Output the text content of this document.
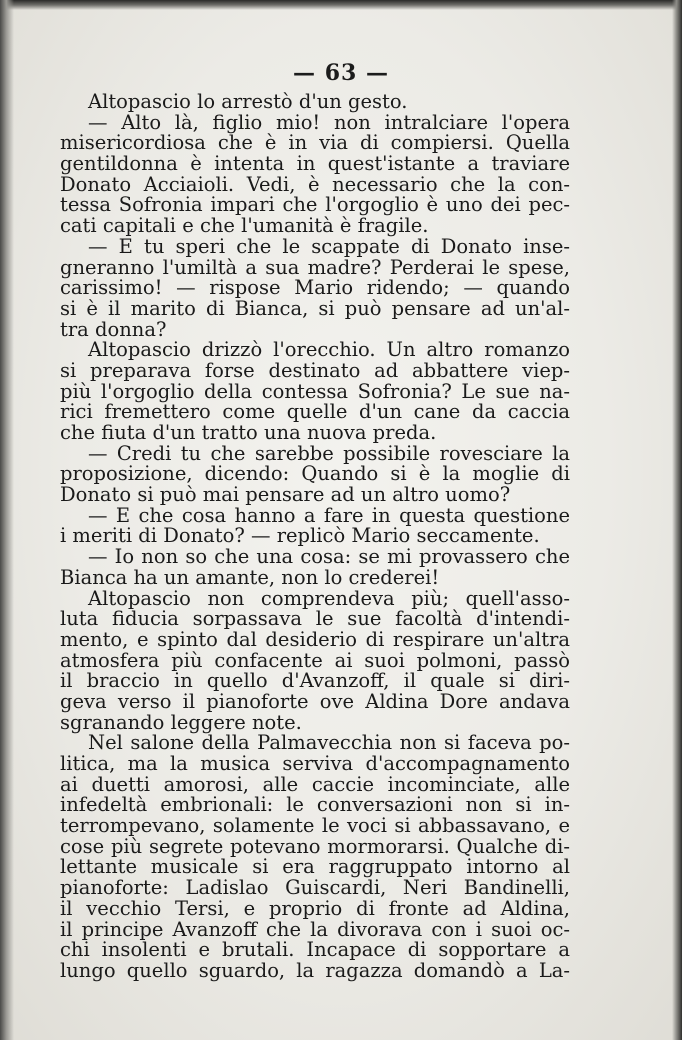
— 63 —
Altopascio lo arrestò d'un gesto.
— Alto là, figlio mio! non intralciare l'opera
misericordiosa che è in via di compiersi. Quella
gentildonna è intenta in quest'istante a traviare
Donato Acciaioli. Vedi, è necessario che la con-
tessa Sofronia impari che l'orgoglio è uno dei pec-
cati capitali e che l'umanità è fragile.
— E tu speri che le scappate di Donato inse-
gneranno l'umiltà a sua madre? Perderai le spese,
carissimo! — rispose Mario ridendo; — quando
si è il marito di Bianca, si può pensare ad un'al-
tra donna?
Altopascio drizzò l'orecchio. Un altro romanzo
si preparava forse destinato ad abbattere viep-
più l'orgoglio della contessa Sofronia? Le sue na-
rici fremettero come quelle d'un cane da caccia
che fiuta d'un tratto una nuova preda.
— Credi tu che sarebbe possibile rovesciare la
proposizione, dicendo: Quando si è la moglie di
Donato si può mai pensare ad un altro uomo?
— E che cosa hanno a fare in questa questione
i meriti di Donato? — replicò Mario seccamente.
— Io non so che una cosa: se mi provassero che
Bianca ha un amante, non lo crederei!
Altopascio non comprendeva più; quell'asso-
luta fiducia sorpassava le sue facoltà d'intendi-
mento, e spinto dal desiderio di respirare un'altra
atmosfera più confacente ai suoi polmoni, passò
il braccio in quello d'Avanzoff, il quale si diri-
geva verso il pianoforte ove Aldina Dore andava
sgranando leggere note.
Nel salone della Palmavecchia non si faceva po-
litica, ma la musica serviva d'accompagnamento
ai duetti amorosi, alle caccie incominciate, alle
infedeltà embrionali: le conversazioni non si in-
terrompevano, solamente le voci si abbassavano, e
cose più segrete potevano mormorarsi. Qualche di-
lettante musicale si era raggruppato intorno al
pianoforte: Ladislao Guiscardi, Neri Bandinelli,
il vecchio Tersi, e proprio di fronte ad Aldina,
il principe Avanzoff che la divorava con i suoi oc-
chi insolenti e brutali. Incapace di sopportare a
lungo quello sguardo, la ragazza domandò a La-
